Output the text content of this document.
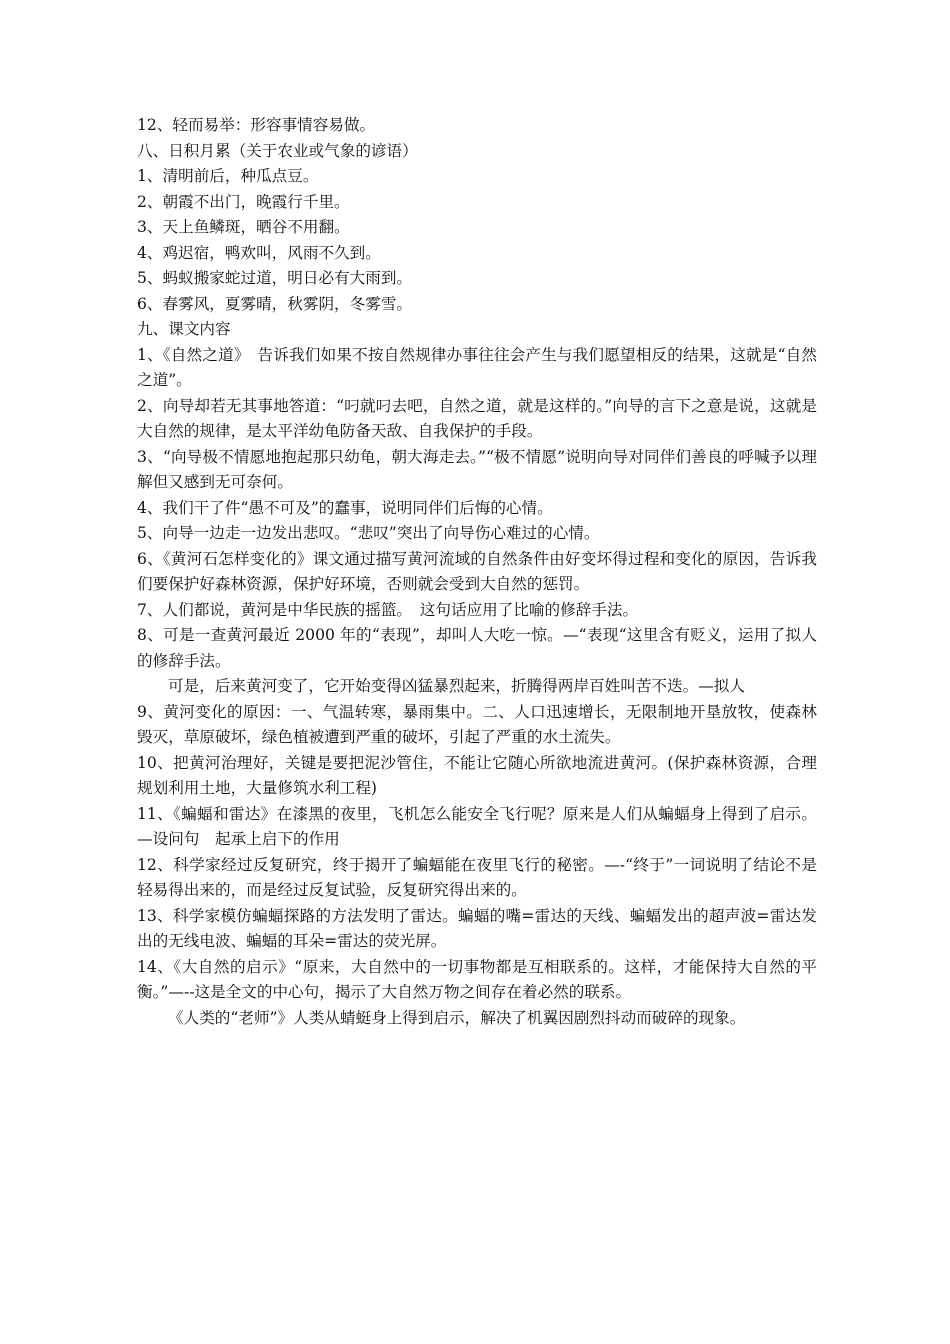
12、轻而易举：形容事情容易做。

八、日积月累（关于农业或气象的谚语）

1、清明前后，种瓜点豆。

2、朝霞不出门，晚霞行千里。

3、天上鱼鳞斑，晒谷不用翻。

4、鸡迟宿，鸭欢叫，风雨不久到。

5、蚂蚁搬家蛇过道，明日必有大雨到。

6、春雾风，夏雾晴，秋雾阴，冬雾雪。

九、课文内容

1、《自然之道》　告诉我们如果不按自然规律办事往往会产生与我们愿望相反的结果，这就是“自然之道”。

2、向导却若无其事地答道：“叼就叼去吧，自然之道，就是这样的。”向导的言下之意是说，这就是大自然的规律，是太平洋幼龟防备天敌、自我保护的手段。

3、“向导极不情愿地抱起那只幼龟，朝大海走去。”“极不情愿”说明向导对同伴们善良的呼喊予以理解但又感到无可奈何。

4、我们干了件“愚不可及”的蠢事，说明同伴们后悔的心情。

5、向导一边走一边发出悲叹。“悲叹”突出了向导伤心难过的心情。

6、《黄河石怎样变化的》课文通过描写黄河流域的自然条件由好变坏得过程和变化的原因，告诉我们要保护好森林资源，保护好环境，否则就会受到大自然的惩罚。

7、人们都说，黄河是中华民族的摇篮。　这句话应用了比喻的修辞手法。

8、可是一查黄河最近 2000 年的“表现”，却叫人大吃一惊。—“表现“这里含有贬义，运用了拟人的修辞手法。

可是，后来黄河变了，它开始变得凶猛暴烈起来，折腾得两岸百姓叫苦不迭。—拟人

9、黄河变化的原因：一、气温转寒，暴雨集中。二、人口迅速增长，无限制地开垦放牧，使森林毁灭，草原破坏，绿色植被遭到严重的破坏，引起了严重的水土流失。

10、把黄河治理好，关键是要把泥沙管住，不能让它随心所欲地流进黄河。(保护森林资源，合理规划利用土地，大量修筑水利工程)

11、《蝙蝠和雷达》在漆黑的夜里，飞机怎么能安全飞行呢？原来是人们从蝙蝠身上得到了启示。—设问句　起承上启下的作用

12、科学家经过反复研究，终于揭开了蝙蝠能在夜里飞行的秘密。—-“终于”一词说明了结论不是轻易得出来的，而是经过反复试验，反复研究得出来的。

13、科学家模仿蝙蝠探路的方法发明了雷达。蝙蝠的嘴=雷达的天线、蝙蝠发出的超声波=雷达发出的无线电波、蝙蝠的耳朵=雷达的荧光屏。

14、《大自然的启示》“原来，大自然中的一切事物都是互相联系的。这样，才能保持大自然的平衡。”—--这是全文的中心句，揭示了大自然万物之间存在着必然的联系。

《人类的“老师”》人类从蜻蜓身上得到启示，解决了机翼因剧烈抖动而破碎的现象。
